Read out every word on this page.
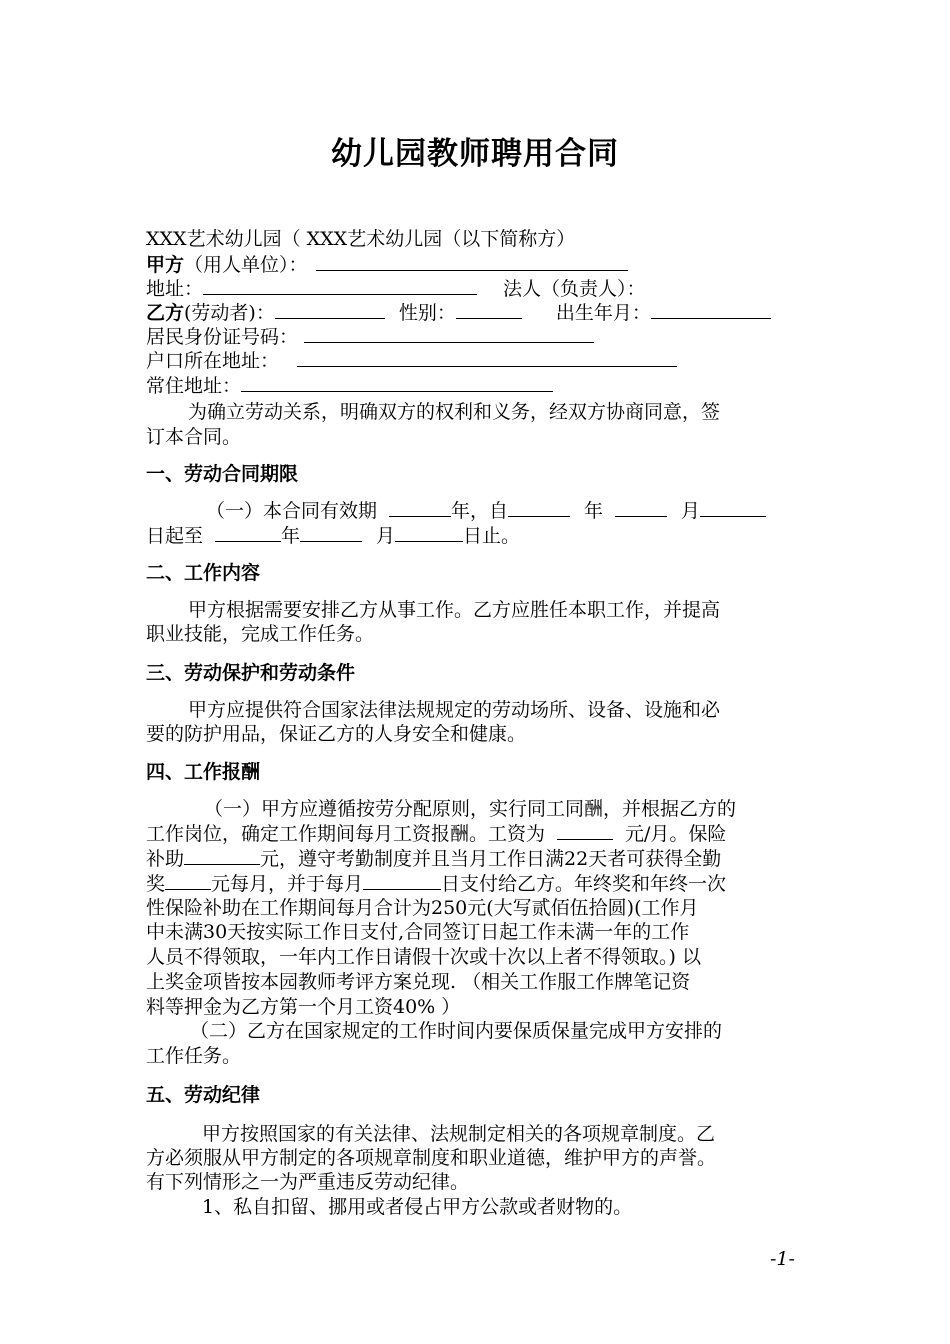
幼儿园教师聘用合同
XXX艺术幼儿园（ XXX艺术幼儿园（以下简称方）
甲方（用人单位）：
地址：	法人（负责人）：
乙方(劳动者)：	性别：	出生年月：
居民身份证号码：
户口所在地址：
常住地址：
为确立劳动关系，明确双方的权利和义务，经双方协商同意，签
订本合同。
一、劳动合同期限
（一）本合同有效期	年，自	年	月
日起至	年	月	日止。
二、工作内容
甲方根据需要安排乙方从事工作。乙方应胜任本职工作，并提高
职业技能，完成工作任务。
三、劳动保护和劳动条件
甲方应提供符合国家法律法规规定的劳动场所、设备、设施和必
要的防护用品，保证乙方的人身安全和健康。
四、工作报酬
（一）甲方应遵循按劳分配原则，实行同工同酬，并根据乙方的
工作岗位，确定工作期间每月工资报酬。工资为	元/月。保险
补助	元，遵守考勤制度并且当月工作日满22天者可获得全勤
奖 元每月，并于每月	日支付给乙方。年终奖和年终一次
性保险补助在工作期间每月合计为250元(大写贰佰伍拾圆)(工作月
中未满30天按实际工作日支付,合同签订日起工作未满一年的工作
人员不得领取，一年内工作日请假十次或十次以上者不得领取。) 以
上奖金项皆按本园教师考评方案兑现. （相关工作服工作牌笔记资
料等押金为乙方第一个月工资40% ）
（二）乙方在国家规定的工作时间内要保质保量完成甲方安排的
工作任务。
五、劳动纪律
甲方按照国家的有关法律、法规制定相关的各项规章制度。乙
方必须服从甲方制定的各项规章制度和职业道德，维护甲方的声誉。
有下列情形之一为严重违反劳动纪律。
1、私自扣留、挪用或者侵占甲方公款或者财物的。
-1-
